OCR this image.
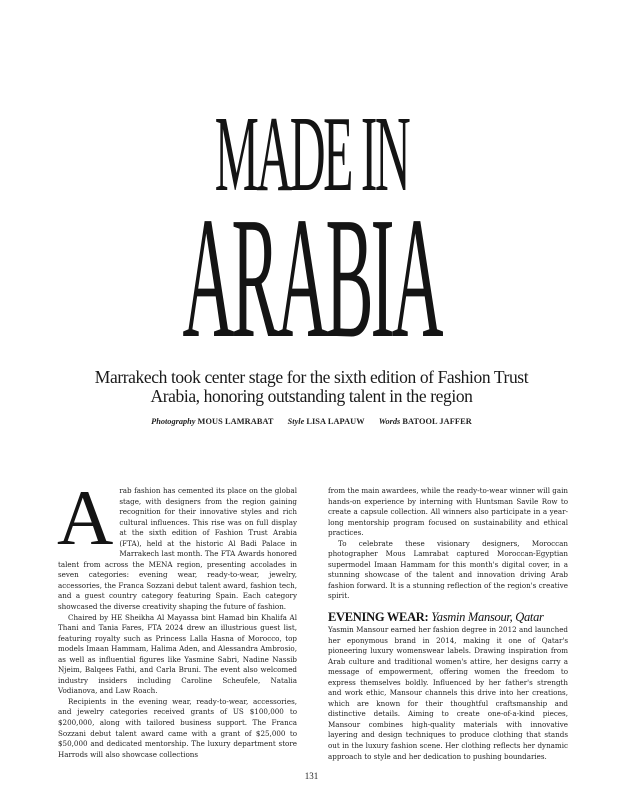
MADE IN
ARABIA
Marrakech took center stage for the sixth edition of Fashion Trust Arabia, honoring outstanding talent in the region
Photography MOUS LAMRABAT Style LISA LAPAUW Words BATOOL JAFFER

Arab fashion has cemented its place on the global stage, with designers from the region gaining recognition for their innovative styles and rich cultural influences. This rise was on full display at the sixth edition of Fashion Trust Arabia (FTA), held at the historic Al Badi Palace in Marrakech last month. The FTA Awards honored talent from across the MENA region, presenting accolades in seven categories: evening wear, ready-to-wear, jewelry, accessories, the Franca Sozzani debut talent award, fashion tech, and a guest country category featuring Spain. Each category showcased the diverse creativity shaping the future of fashion.

Chaired by HE Sheikha Al Mayassa bint Hamad bin Khalifa Al Thani and Tania Fares, FTA 2024 drew an illustrious guest list, featuring royalty such as Princess Lalla Hasna of Morocco, top models Imaan Hammam, Halima Aden, and Alessandra Ambrosio, as well as influential figures like Yasmine Sabri, Nadine Nassib Njeim, Balqees Fathi, and Carla Bruni. The event also welcomed industry insiders including Caroline Scheufele, Natalia Vodianova, and Law Roach.

Recipients in the evening wear, ready-to-wear, accessories, and jewelry categories received grants of US $100,000 to $200,000, along with tailored business support. The Franca Sozzani debut talent award came with a grant of $25,000 to $50,000 and dedicated mentorship. The luxury department store Harrods will also showcase collections

from the main awardees, while the ready-to-wear winner will gain hands-on experience by interning with Huntsman Savile Row to create a capsule collection. All winners also participate in a year-long mentorship program focused on sustainability and ethical practices.

To celebrate these visionary designers, Moroccan photographer Mous Lamrabat captured Moroccan-Egyptian supermodel Imaan Hammam for this month's digital cover, in a stunning showcase of the talent and innovation driving Arab fashion forward. It is a stunning reflection of the region's creative spirit.

EVENING WEAR: Yasmin Mansour, Qatar

Yasmin Mansour earned her fashion degree in 2012 and launched her eponymous brand in 2014, making it one of Qatar's pioneering luxury womenswear labels. Drawing inspiration from Arab culture and traditional women's attire, her designs carry a message of empowerment, offering women the freedom to express themselves boldly. Influenced by her father's strength and work ethic, Mansour channels this drive into her creations, which are known for their thoughtful craftsmanship and distinctive details. Aiming to create one-of-a-kind pieces, Mansour combines high-quality materials with innovative layering and design techniques to produce clothing that stands out in the luxury fashion scene. Her clothing reflects her dynamic approach to style and her dedication to pushing boundaries.

131
